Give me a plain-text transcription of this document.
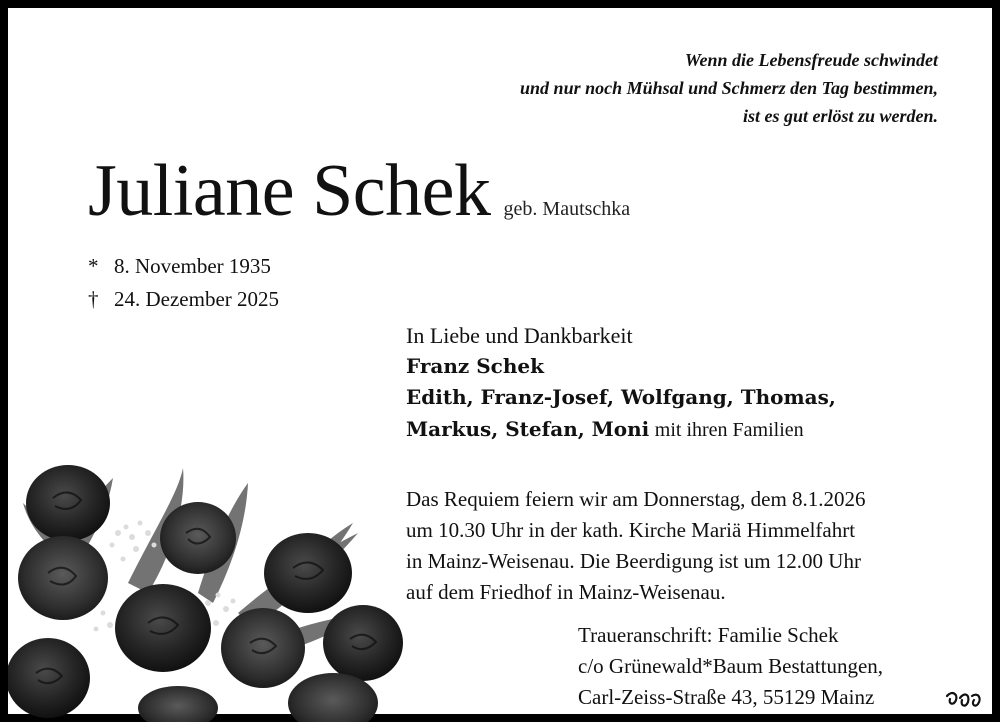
Wenn die Lebensfreude schwindet
und nur noch Mühsal und Schmerz den Tag bestimmen,
ist es gut erlöst zu werden.
Juliane Schek geb. Mautschka
* 8. November 1935
† 24. Dezember 2025
In Liebe und Dankbarkeit
Franz Schek
Edith, Franz-Josef, Wolfgang, Thomas,
Markus, Stefan, Moni mit ihren Familien
Das Requiem feiern wir am Donnerstag, dem 8.1.2026
um 10.30 Uhr in der kath. Kirche Mariä Himmelfahrt
in Mainz-Weisenau. Die Beerdigung ist um 12.00 Uhr
auf dem Friedhof in Mainz-Weisenau.
Traueranschrift: Familie Schek
c/o Grünewald*Baum Bestattungen,
Carl-Zeiss-Straße 43, 55129 Mainz
